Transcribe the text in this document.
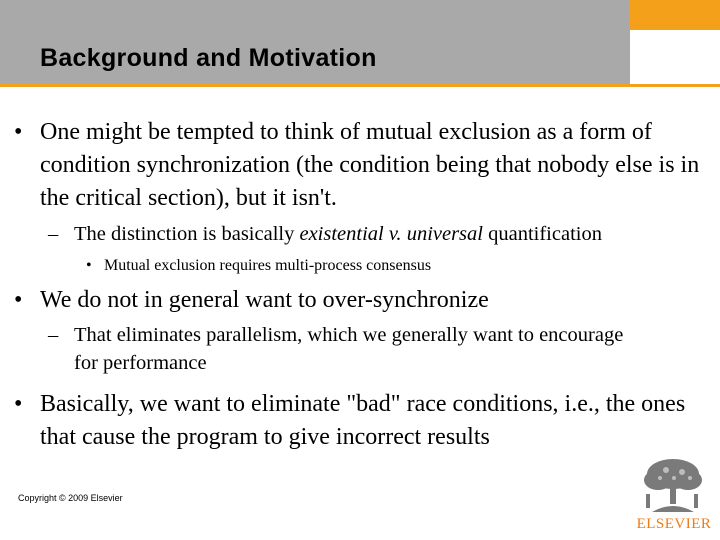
Background and Motivation
• One might be tempted to think of mutual exclusion as a form of condition synchronization (the condition being that nobody else is in the critical section), but it isn't.
– The distinction is basically existential v. universal quantification
• Mutual exclusion requires multi-process consensus
• We do not in general want to over-synchronize
– That eliminates parallelism, which we generally want to encourage for performance
• Basically, we want to eliminate "bad" race conditions, i.e., the ones that cause the program to give incorrect results
Copyright © 2009 Elsevier
ELSEVIER
